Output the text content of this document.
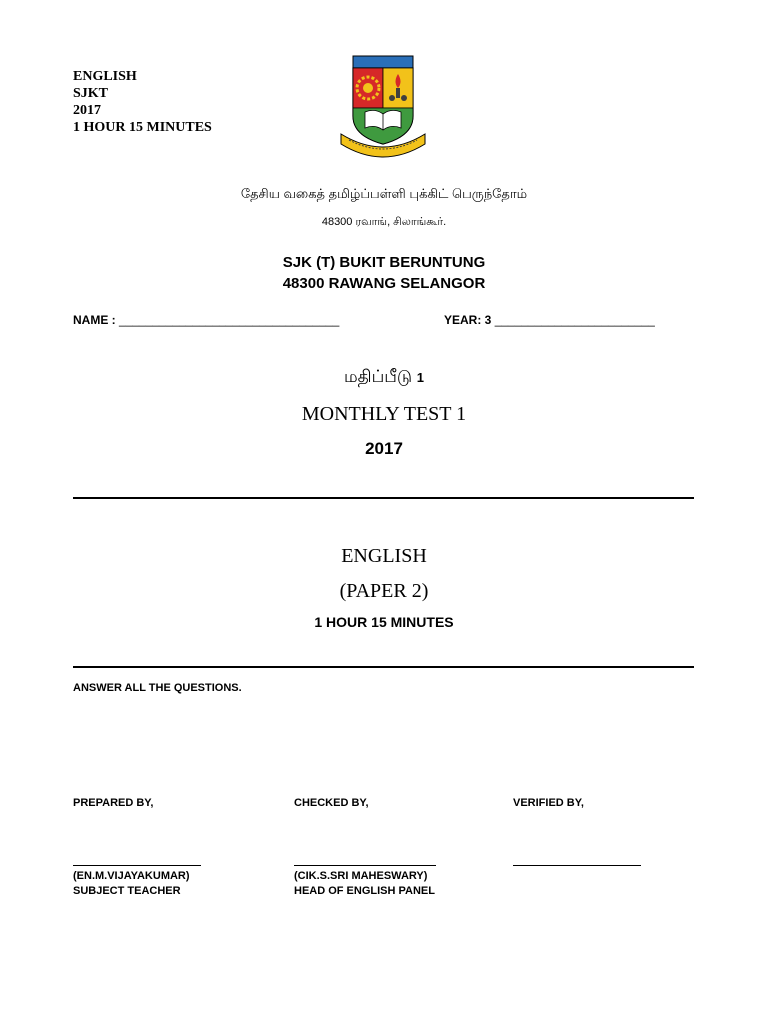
ENGLISH
SJKT
2017
1 HOUR 15 MINUTES
தேசிய வகைத் தமிழ்ப்பள்ளி புக்கிட் பெருந்தோம்
48300 ரவாங், சிலாங்கூர்.
SJK (T) BUKIT BERUNTUNG
48300 RAWANG SELANGOR
NAME : _________________________________	YEAR: 3 ________________________
மதிப்பீடு 1
MONTHLY TEST 1
2017
ENGLISH
(PAPER 2)
1 HOUR 15 MINUTES
ANSWER ALL THE QUESTIONS.
PREPARED BY,
(EN.M.VIJAYAKUMAR)
SUBJECT TEACHER
CHECKED BY,
(CIK.S.SRI MAHESWARY)
HEAD OF ENGLISH PANEL
VERIFIED BY,
